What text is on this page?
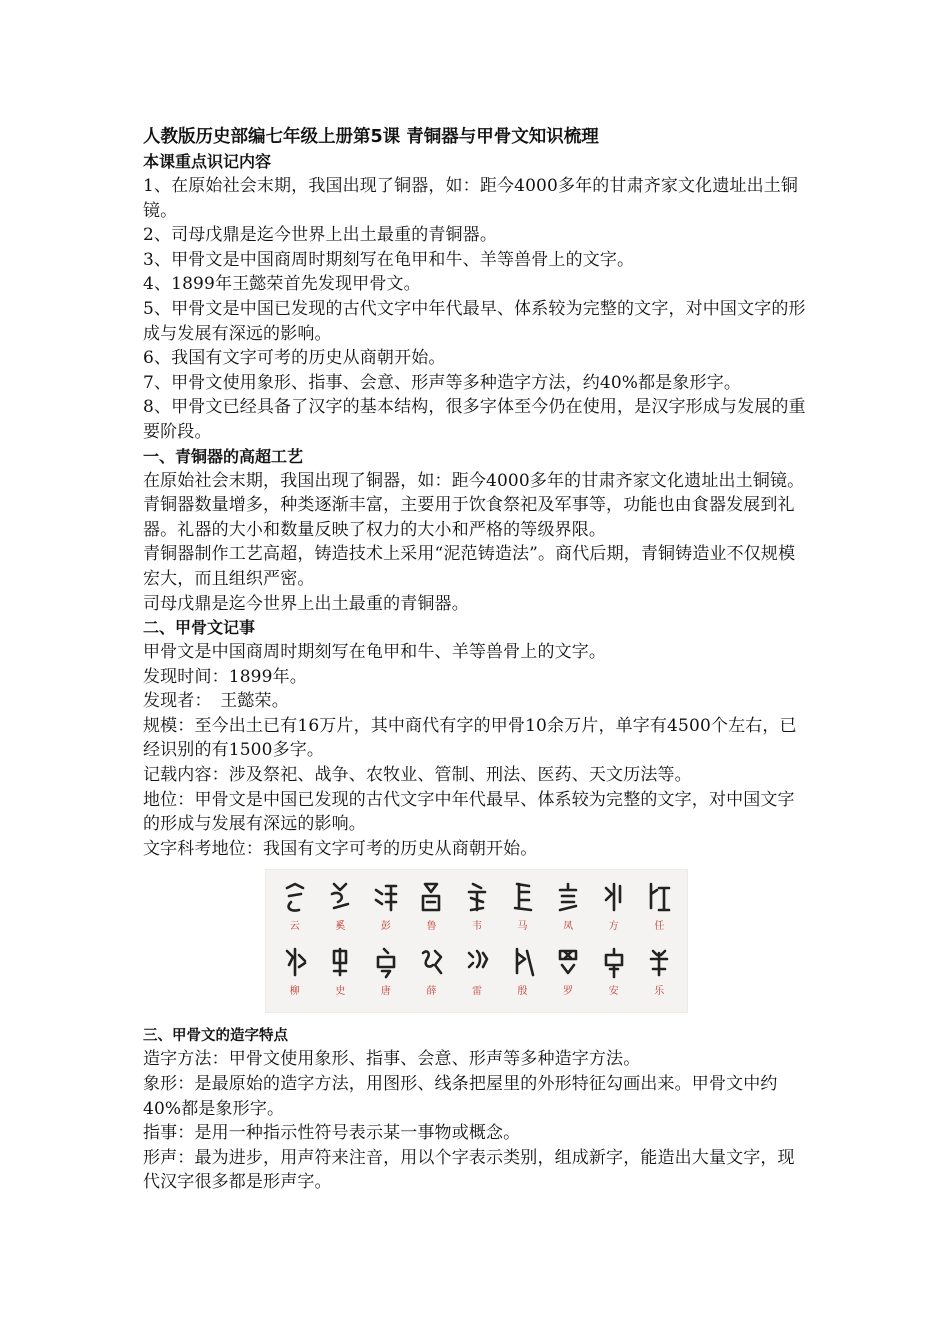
人教版历史部编七年级上册第5课 青铜器与甲骨文知识梳理
本课重点识记内容

1、在原始社会末期，我国出现了铜器，如：距今4000多年的甘肃齐家文化遗址出土铜镜。

2、司母戊鼎是迄今世界上出土最重的青铜器。

3、甲骨文是中国商周时期刻写在龟甲和牛、羊等兽骨上的文字。

4、1899年王懿荣首先发现甲骨文。

5、甲骨文是中国已发现的古代文字中年代最早、体系较为完整的文字，对中国文字的形成与发展有深远的影响。

6、我国有文字可考的历史从商朝开始。

7、甲骨文使用象形、指事、会意、形声等多种造字方法，约40%都是象形字。

8、甲骨文已经具备了汉字的基本结构，很多字体至今仍在使用，是汉字形成与发展的重要阶段。

一、青铜器的高超工艺

在原始社会末期，我国出现了铜器，如：距今4000多年的甘肃齐家文化遗址出土铜镜。

青铜器数量增多，种类逐渐丰富，主要用于饮食祭祀及军事等，功能也由食器发展到礼器。礼器的大小和数量反映了权力的大小和严格的等级界限。

青铜器制作工艺高超，铸造技术上采用“泥范铸造法”。商代后期，青铜铸造业不仅规模宏大，而且组织严密。

司母戊鼎是迄今世界上出土最重的青铜器。

二、甲骨文记事

甲骨文是中国商周时期刻写在龟甲和牛、羊等兽骨上的文字。

发现时间：1899年。

发现者：　王懿荣。

规模：至今出土已有16万片，其中商代有字的甲骨10余万片，单字有4500个左右，已经识别的有1500多字。

记载内容：涉及祭祀、战争、农牧业、管制、刑法、医药、天文历法等。

地位：甲骨文是中国已发现的古代文字中年代最早、体系较为完整的文字，对中国文字的形成与发展有深远的影响。

文字科考地位：我国有文字可考的历史从商朝开始。

云	奚	彭	鲁	韦	马	凤	方	任
柳	史	唐	薛	雷	殷	罗	安	乐
三、甲骨文的造字特点

造字方法：甲骨文使用象形、指事、会意、形声等多种造字方法。

象形：是最原始的造字方法，用图形、线条把屋里的外形特征勾画出来。甲骨文中约40%都是象形字。

指事：是用一种指示性符号表示某一事物或概念。

形声：最为进步，用声符来注音，用以个字表示类别，组成新字，能造出大量文字，现代汉字很多都是形声字。
